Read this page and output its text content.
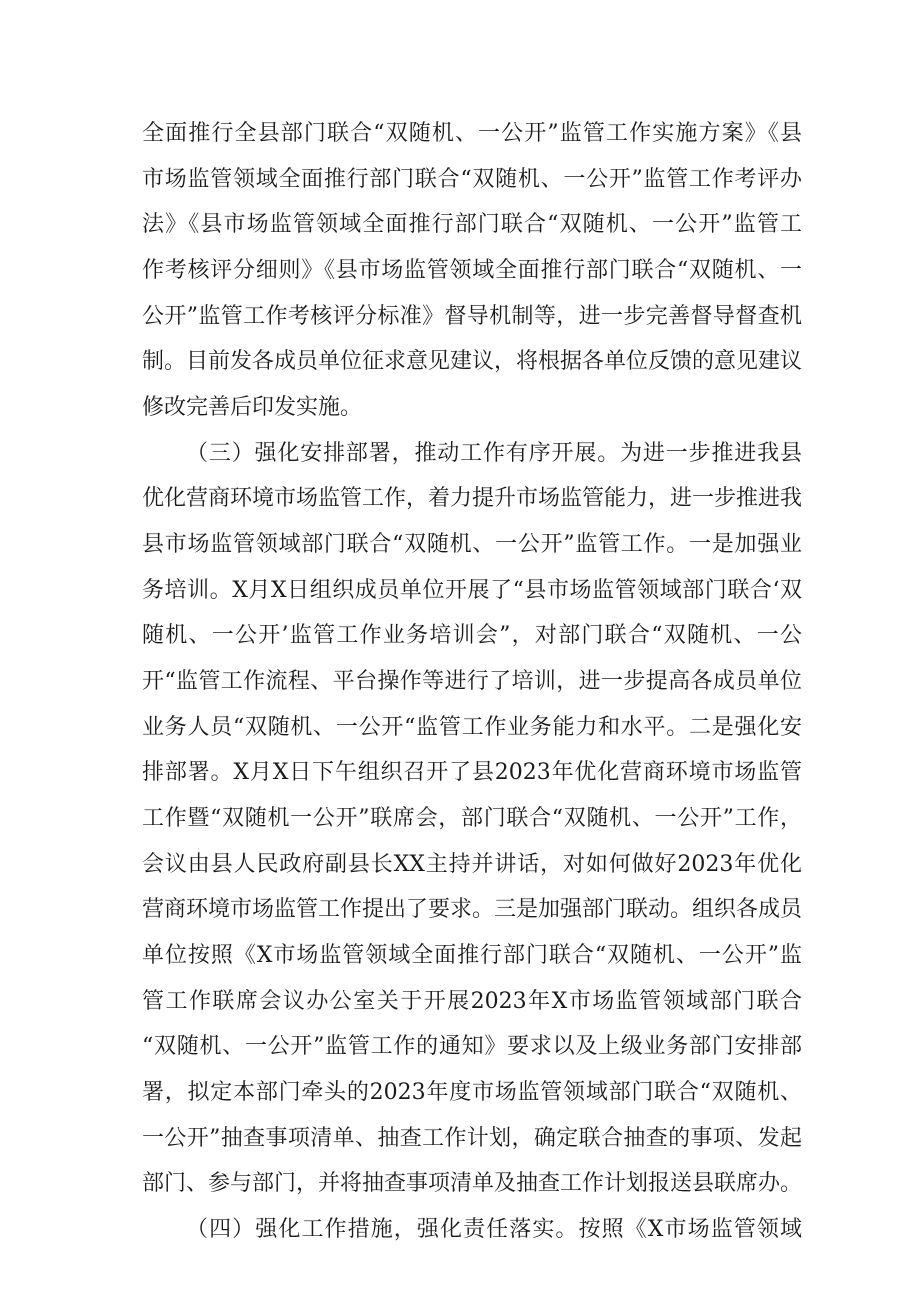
全面推行全县部门联合“双随机、一公开”监管工作实施方案》《县
市场监管领域全面推行部门联合“双随机、一公开”监管工作考评办
法》《县市场监管领域全面推行部门联合“双随机、一公开”监管工
作考核评分细则》《县市场监管领域全面推行部门联合“双随机、一
公开”监管工作考核评分标准》督导机制等，进一步完善督导督查机
制。目前发各成员单位征求意见建议，将根据各单位反馈的意见建议
修改完善后印发实施。
（三）强化安排部署，推动工作有序开展。为进一步推进我县
优化营商环境市场监管工作，着力提升市场监管能力，进一步推进我
县市场监管领域部门联合“双随机、一公开”监管工作。一是加强业
务培训。X月X日组织成员单位开展了“县市场监管领域部门联合‘双
随机、一公开’监管工作业务培训会”，对部门联合“双随机、一公
开“监管工作流程、平台操作等进行了培训，进一步提高各成员单位
业务人员“双随机、一公开“监管工作业务能力和水平。二是强化安
排部署。X月X日下午组织召开了县2023年优化营商环境市场监管
工作暨“双随机一公开”联席会，部门联合“双随机、一公开”工作，
会议由县人民政府副县长XX主持并讲话，对如何做好2023年优化
营商环境市场监管工作提出了要求。三是加强部门联动。组织各成员
单位按照《X市场监管领域全面推行部门联合“双随机、一公开”监
管工作联席会议办公室关于开展2023年X市场监管领域部门联合
“双随机、一公开”监管工作的通知》要求以及上级业务部门安排部
署，拟定本部门牵头的2023年度市场监管领域部门联合“双随机、
一公开”抽查事项清单、抽查工作计划，确定联合抽查的事项、发起
部门、参与部门，并将抽查事项清单及抽查工作计划报送县联席办。
（四）强化工作措施，强化责任落实。按照《X市场监管领域
